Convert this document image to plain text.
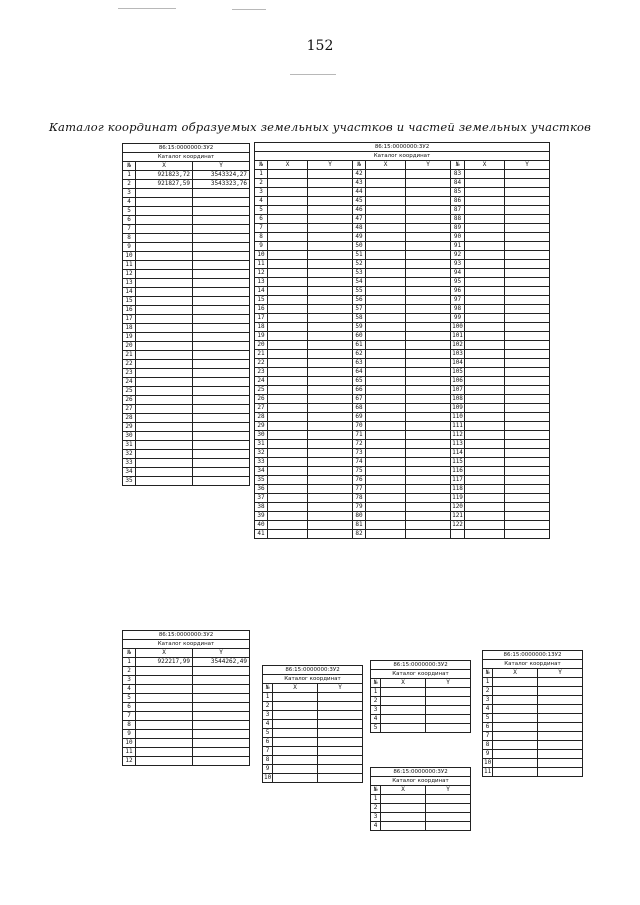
152
Каталог координат образуемых земельных участков и частей земельных участков
86:15:0000000:3У2		
Каталог координат		
№	X	Y
1	921823,72	3543324,27
2	921827,59	3543323,76
3		
4		
5		
6		
7		
8		
9		
10		
11		
12		
13		
14		
15		
16		
17		
18		
19		
20		
21		
22		
23		
24		
25		
26		
27		
28		
29		
30		
31		
32		
33		
34		
35		
86:15:0000000:3У2								
Каталог координат								
№	X	Y	№	X	Y	№	X	Y
1			42			83		
2			43			84		
3			44			85		
4			45			86		
5			46			87		
6			47			88		
7			48			89		
8			49			90		
9			50			91		
10			51			92		
11			52			93		
12			53			94		
13			54			95		
14			55			96		
15			56			97		
16			57			98		
17			58			99		
18			59			100		
19			60			101		
20			61			102		
21			62			103		
22			63			104		
23			64			105		
24			65			106		
25			66			107		
26			67			108		
27			68			109		
28			69			110		
29			70			111		
30			71			112		
31			72			113		
32			73			114		
33			74			115		
34			75			116		
35			76			117		
36			77			118		
37			78			119		
38			79			120		
39			80			121		
40			81			122		
41			82					
86:15:0000000:3У2		
Каталог координат		
№	X	Y
1	922217,99	3544262,49
2		
3		
4		
5		
6		
7		
8		
9		
10		
11		
12		
86:15:0000000:3У2		
Каталог координат		
№	X	Y
1		
2		
3		
4		
5		
6		
7		
8		
9		
10		
86:15:0000000:3У2		
Каталог координат		
№	X	Y
1		
2		
3		
4		
5		
86:15:0000000:3У2		
Каталог координат		
№	X	Y
1		
2		
3		
4		
86:15:0000000:13У2		
Каталог координат		
№	X	Y
1		
2		
3		
4		
5		
6		
7		
8		
9		
10		
11		
